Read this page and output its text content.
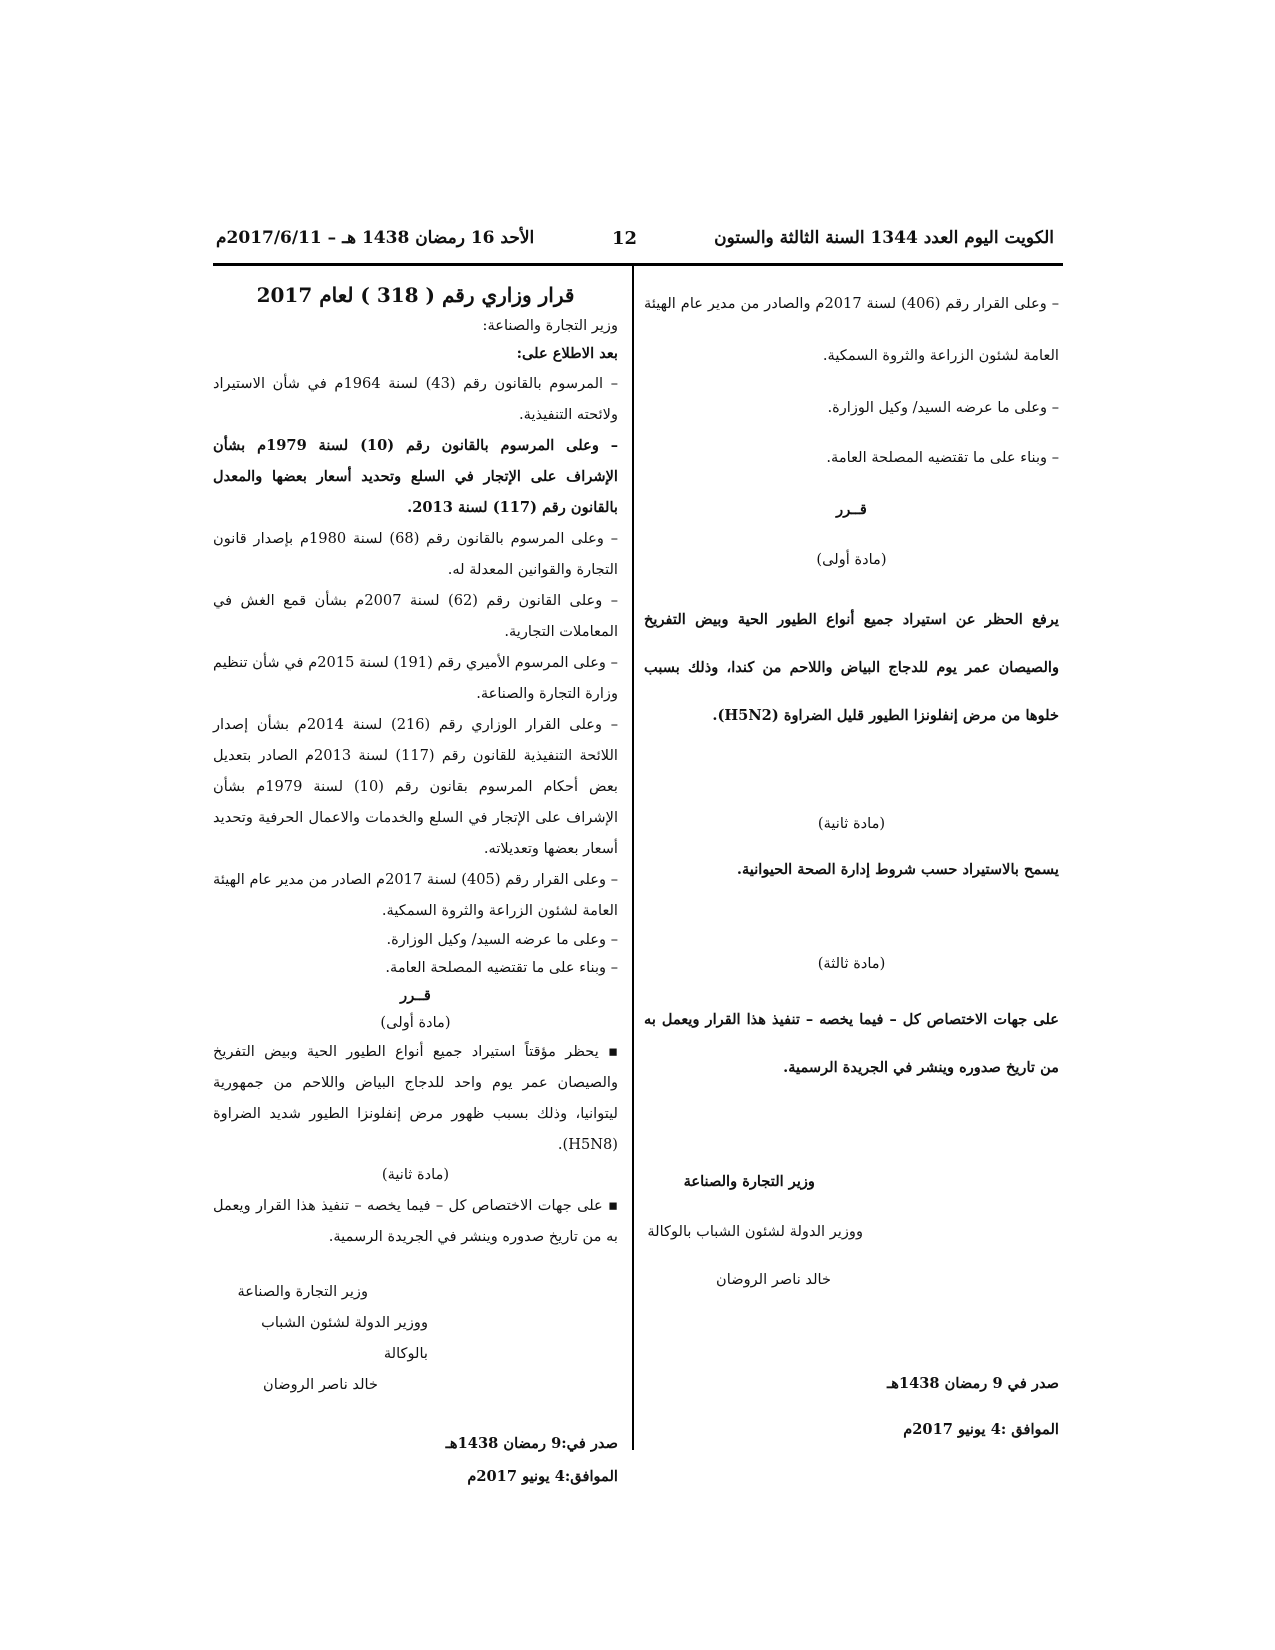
الكويت اليوم العدد 1344 السنة الثالثة والستون
12
الأحد 16 رمضان 1438 هـ – 2017/6/11م

– وعلى القرار رقم (406) لسنة 2017م والصادر من مدير عام الهيئة العامة لشئون الزراعة والثروة السمكية.

– وعلى ما عرضه السيد/ وكيل الوزارة.

– وبناء على ما تقتضيه المصلحة العامة.

قــرر

(مادة أولى)

يرفع الحظر عن استيراد جميع أنواع الطيور الحية وبيض التفريخ والصيصان عمر يوم للدجاج البياض واللاحم من كندا، وذلك بسبب خلوها من مرض إنفلونزا الطيور قليل الضراوة (H5N2).

(مادة ثانية)

يسمح بالاستيراد حسب شروط إدارة الصحة الحيوانية.

(مادة ثالثة)

على جهات الاختصاص كل – فيما يخصه – تنفيذ هذا القرار ويعمل به من تاريخ صدوره وينشر في الجريدة الرسمية.

وزير التجارة والصناعة

ووزير الدولة لشئون الشباب بالوكالة

خالد ناصر الروضان

صدر في 9 رمضان 1438هـ

الموافق :4 يونيو 2017م

قرار وزاري رقم ( 318 ) لعام 2017

وزير التجارة والصناعة:

بعد الاطلاع على:

– المرسوم بالقانون رقم (43) لسنة 1964م في شأن الاستيراد ولائحته التنفيذية.

– وعلى المرسوم بالقانون رقم (10) لسنة 1979م بشأن الإشراف على الإتجار في السلع وتحديد أسعار بعضها والمعدل بالقانون رقم (117) لسنة 2013.

– وعلى المرسوم بالقانون رقم (68) لسنة 1980م بإصدار قانون التجارة والقوانين المعدلة له.

– وعلى القانون رقم (62) لسنة 2007م بشأن قمع الغش في المعاملات التجارية.

– وعلى المرسوم الأميري رقم (191) لسنة 2015م في شأن تنظيم وزارة التجارة والصناعة.

– وعلى القرار الوزاري رقم (216) لسنة 2014م بشأن إصدار اللائحة التنفيذية للقانون رقم (117) لسنة 2013م الصادر بتعديل بعض أحكام المرسوم بقانون رقم (10) لسنة 1979م بشأن الإشراف على الإتجار في السلع والخدمات والاعمال الحرفية وتحديد أسعار بعضها وتعديلاته.

– وعلى القرار رقم (405) لسنة 2017م الصادر من مدير عام الهيئة العامة لشئون الزراعة والثروة السمكية.

– وعلى ما عرضه السيد/ وكيل الوزارة.

– وبناء على ما تقتضيه المصلحة العامة.

قــرر

(مادة أولى)

▪ يحظر مؤقتاً استيراد جميع أنواع الطيور الحية وبيض التفريخ والصيصان عمر يوم واحد للدجاج البياض واللاحم من جمهورية ليتوانيا، وذلك بسبب ظهور مرض إنفلونزا الطيور شديد الضراوة (H5N8).

(مادة ثانية)

▪ على جهات الاختصاص كل – فيما يخصه – تنفيذ هذا القرار ويعمل به من تاريخ صدوره وينشر في الجريدة الرسمية.

وزير التجارة والصناعة

ووزير الدولة لشئون الشباب بالوكالة

خالد ناصر الروضان

صدر في:9 رمضان 1438هـ

الموافق:4 يونيو 2017م
